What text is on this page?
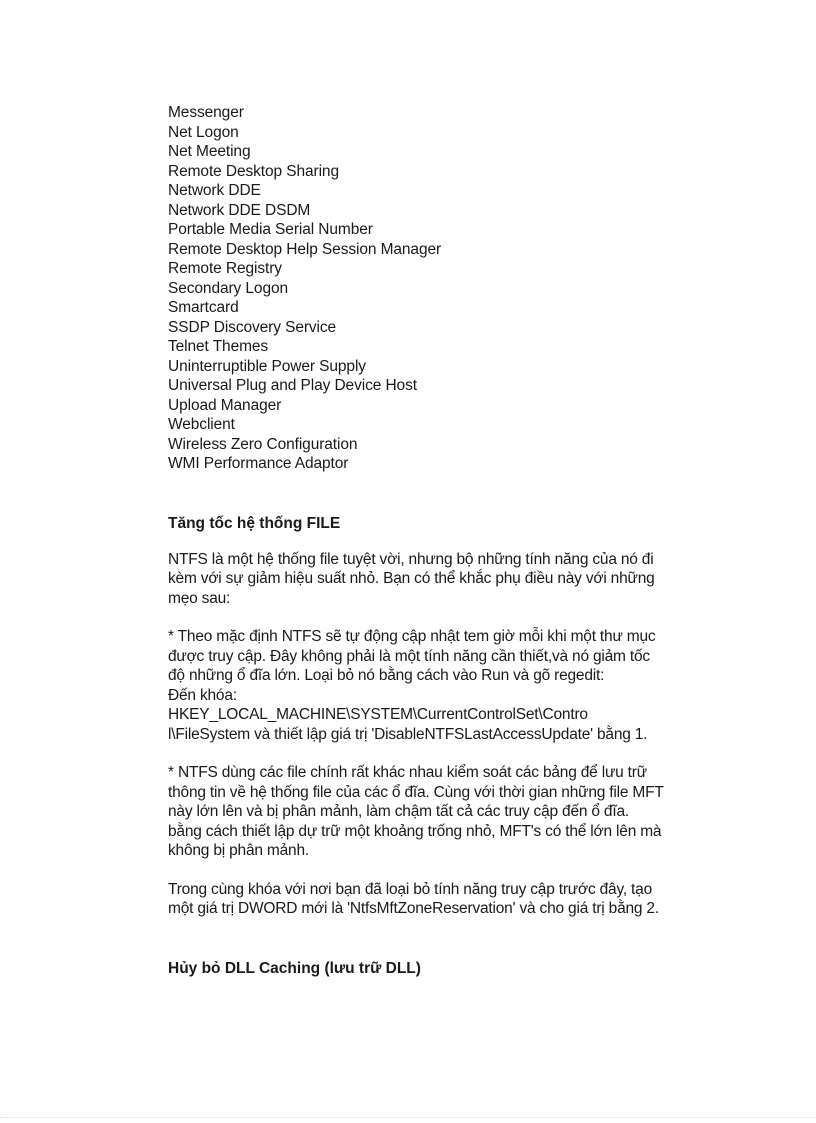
Messenger
Net Logon
Net Meeting
Remote Desktop Sharing
Network DDE
Network DDE DSDM
Portable Media Serial Number
Remote Desktop Help Session Manager
Remote Registry
Secondary Logon
Smartcard
SSDP Discovery Service
Telnet Themes
Uninterruptible Power Supply
Universal Plug and Play Device Host
Upload Manager
Webclient
Wireless Zero Configuration
WMI Performance Adaptor
Tăng tốc hệ thống FILE

NTFS là một hệ thống file tuyệt vời, nhưng bộ những tính năng của nó đi
kèm với sự giảm hiệu suất nhỏ. Bạn có thể khắc phụ điều này với những
mẹo sau:

* Theo mặc định NTFS sẽ tự động cập nhật tem giờ mỗi khi một thư mục
được truy cập. Đây không phải là một tính năng cần thiết,và nó giảm tốc
độ những ổ đĩa lớn. Loại bỏ nó bằng cách vào Run và gõ regedit:
Đến khóa:
HKEY_LOCAL_MACHINE\SYSTEM\CurrentControlSet\Contro
l\FileSystem và thiết lập giá trị 'DisableNTFSLastAccessUpdate' bằng 1.

* NTFS dùng các file chính rất khác nhau kiểm soát các bảng để lưu trữ
thông tin về hệ thống file của các ổ đĩa. Cùng với thời gian những file MFT
này lớn lên và bị phân mảnh, làm chậm tất cả các truy cập đến ổ đĩa.
bằng cách thiết lập dự trữ một khoảng trống nhỏ, MFT's có thể lớn lên mà
không bị phân mảnh.

Trong cùng khóa với nơi bạn đã loại bỏ tính năng truy cập trước đây, tạo
một giá trị DWORD mới là 'NtfsMftZoneReservation' và cho giá trị bằng 2.

Hủy bỏ DLL Caching (lưu trữ DLL)
